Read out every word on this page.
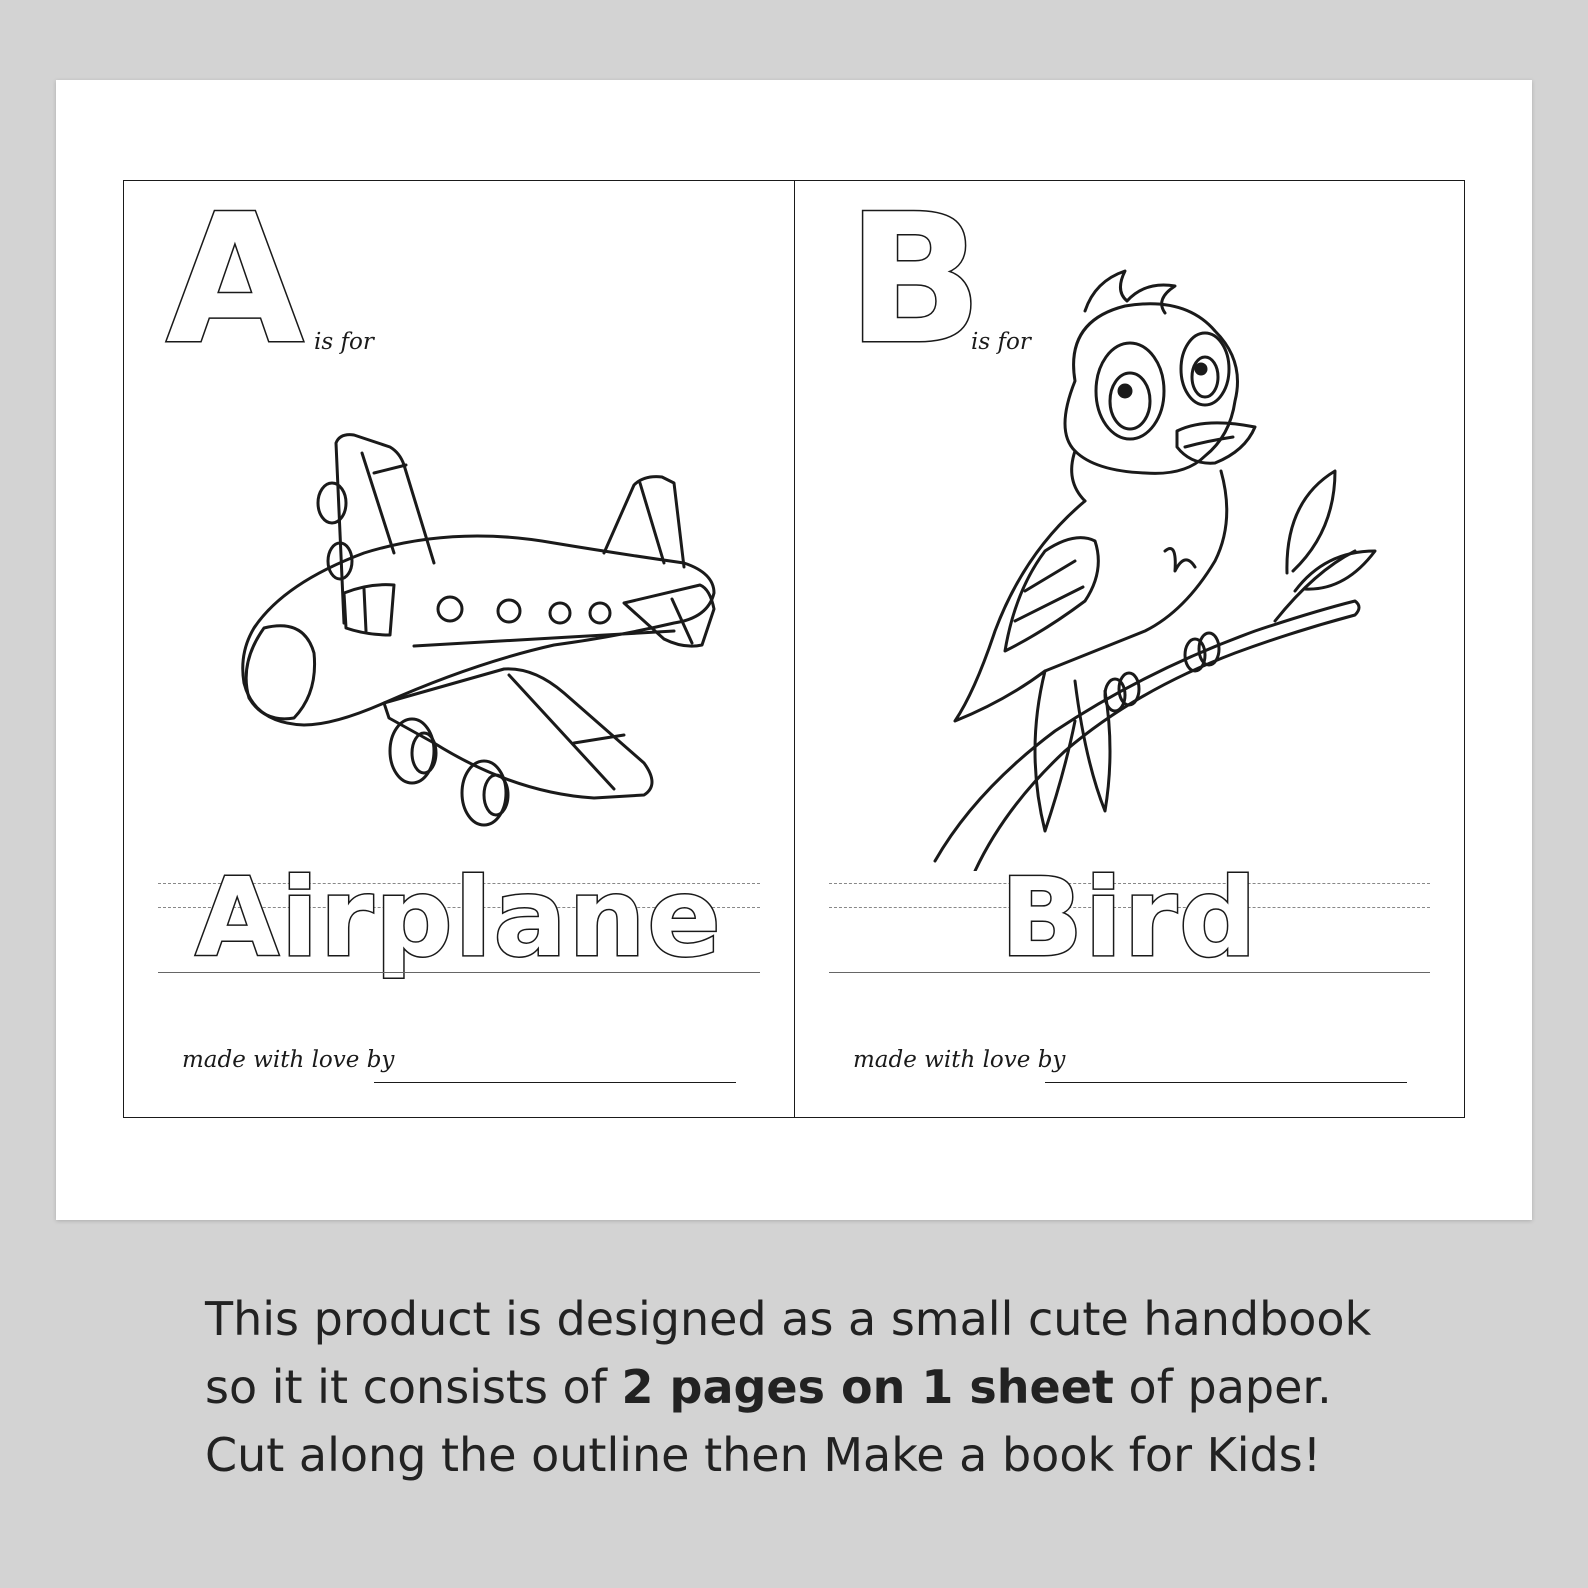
A is for
Airplane
made with love by
B
is for
Bird
made with love by
This product is designed as a small cute handbook
so it it consists of 2 pages on 1 sheet of paper.
Cut along the outline then Make a book for Kids!
